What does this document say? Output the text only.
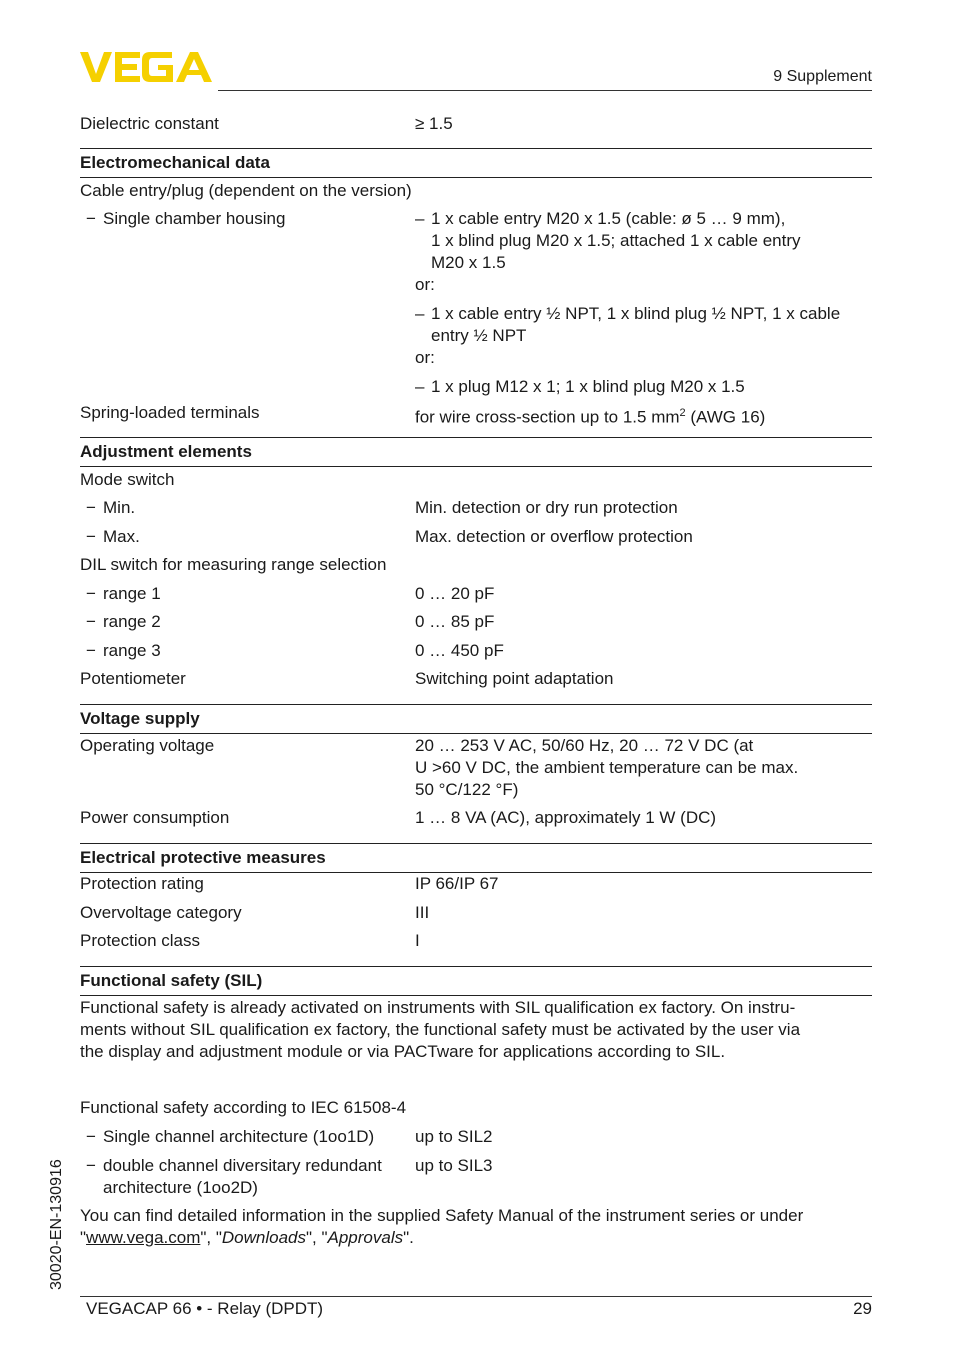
9 Supplement
Dielectric constant	≥ 1.5
Electromechanical data
Cable entry/plug (dependent on the version)
− Single chamber housing	– 1 x cable entry M20 x 1.5 (cable: ø 5 … 9 mm),
1 x blind plug M20 x 1.5; attached 1 x cable entry
M20 x 1.5
or:
– 1 x cable entry ½ NPT, 1 x blind plug ½ NPT, 1 x cable
entry ½ NPT
or:
– 1 x plug M12 x 1; 1 x blind plug M20 x 1.5
Spring-loaded terminals	for wire cross-section up to 1.5 $mm^2$ (AWG 16)
Adjustment elements
Mode switch
− Min.	Min. detection or dry run protection
− Max.	Max. detection or overflow protection
DIL switch for measuring range selection
− range 1	0 … 20 pF
− range 2	0 … 85 pF
− range 3	0 … 450 pF
Potentiometer	Switching point adaptation
Voltage supply
Operating voltage	20 … 253 V AC, 50/60 Hz, 20 … 72 V DC (at
U >60 V DC, the ambient temperature can be max.
50 °C/122 °F)
Power consumption	1 … 8 VA (AC), approximately 1 W (DC)
Electrical protective measures
Protection rating	IP 66/IP 67
Overvoltage category	III
Protection class	I
Functional safety (SIL)
Functional safety is already activated on instruments with SIL qualification ex factory. On instru-
ments without SIL qualification ex factory, the functional safety must be activated by the user via
the display and adjustment module or via PACTware for applications according to SIL.
Functional safety according to IEC 61508-4
− Single channel architecture (1oo1D) up to SIL2
− double channel diversitary redundant
architecture (1oo2D)
up to SIL3
You can find detailed information in the supplied Safety Manual of the instrument series or under
"www.vega.com", "Downloads", "Approvals".
30020-EN-130916
VEGACAP 66 • - Relay (DPDT)	29
